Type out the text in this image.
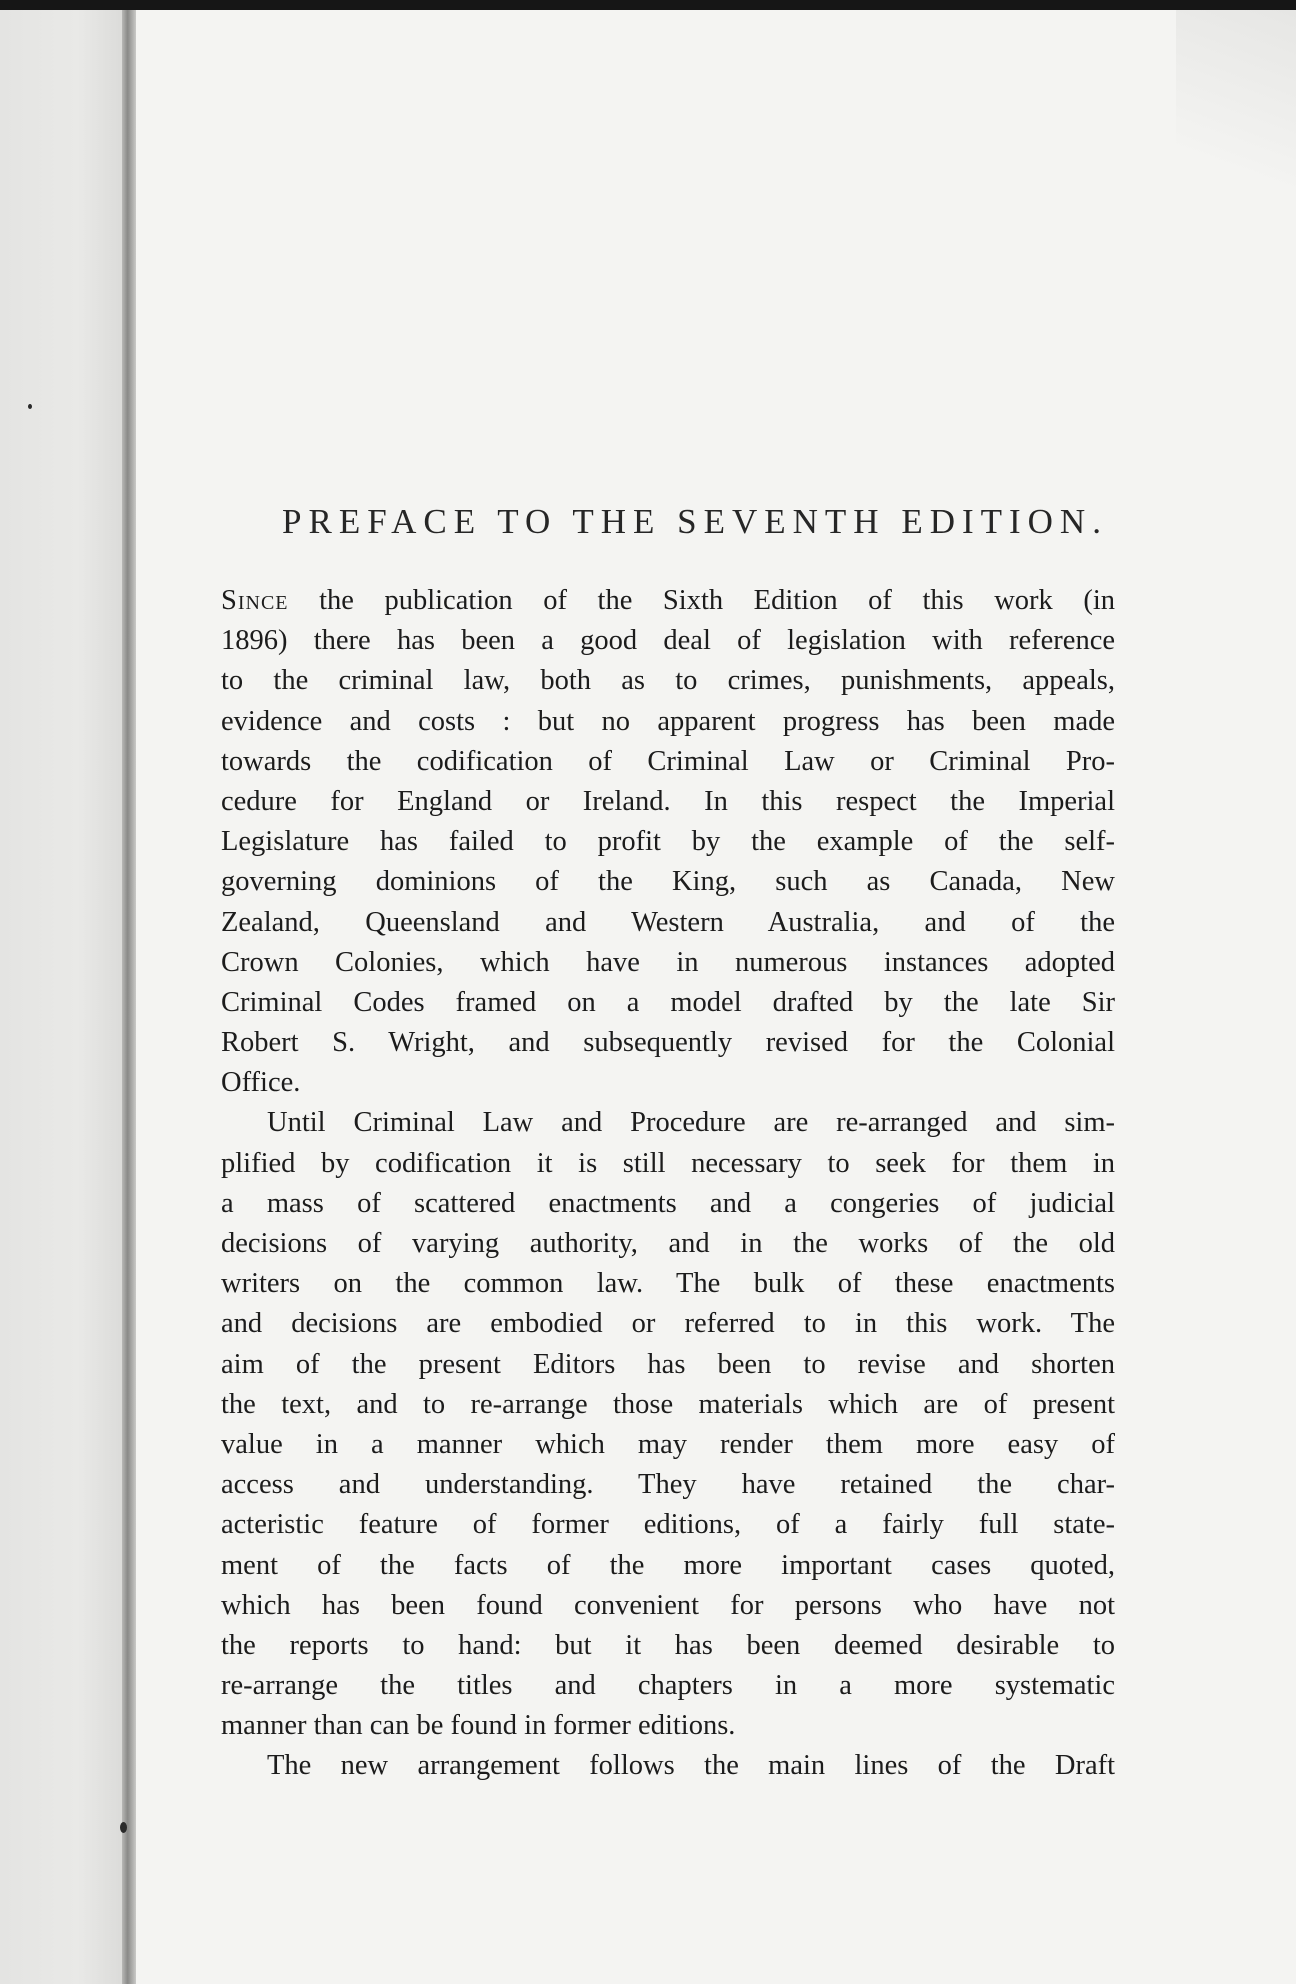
PREFACE TO THE SEVENTH EDITION.

Since the publication of the Sixth Edition of this work (in
1896) there has been a good deal of legislation with reference
to the criminal law, both as to crimes, punishments, appeals,
evidence and costs : but no apparent progress has been made
towards the codification of Criminal Law or Criminal Pro-
cedure for England or Ireland. In this respect the Imperial
Legislature has failed to profit by the example of the self-
governing dominions of the King, such as Canada, New
Zealand, Queensland and Western Australia, and of the
Crown Colonies, which have in numerous instances adopted
Criminal Codes framed on a model drafted by the late Sir
Robert S. Wright, and subsequently revised for the Colonial
Office.

Until Criminal Law and Procedure are re-arranged and sim-
plified by codification it is still necessary to seek for them in
a mass of scattered enactments and a congeries of judicial
decisions of varying authority, and in the works of the old
writers on the common law. The bulk of these enactments
and decisions are embodied or referred to in this work. The
aim of the present Editors has been to revise and shorten
the text, and to re-arrange those materials which are of present
value in a manner which may render them more easy of
access and understanding. They have retained the char-
acteristic feature of former editions, of a fairly full state-
ment of the facts of the more important cases quoted,
which has been found convenient for persons who have not
the reports to hand: but it has been deemed desirable to
re-arrange the titles and chapters in a more systematic
manner than can be found in former editions.

The new arrangement follows the main lines of the Draft
